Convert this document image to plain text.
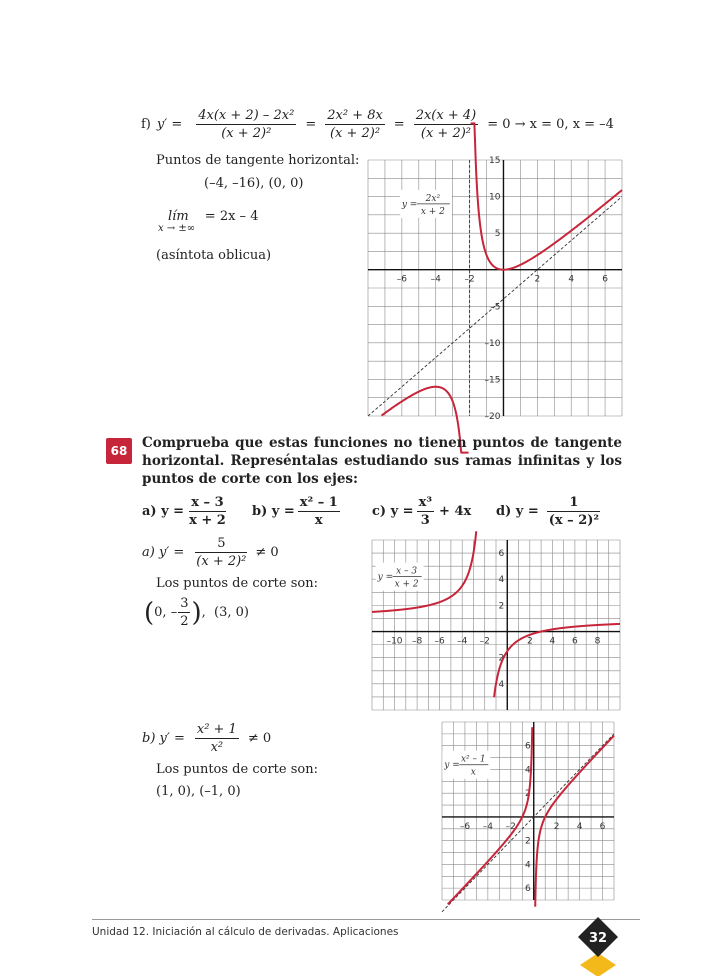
f) $y' = \frac{\text{4x(x + 2) – 2x²}}{\text{(x + 2)²}} = \frac{\text{2x² + 8x}}{\text{(x + 2)²}} = \frac{2x(x + 4)}{\text{(x + 2)²}} = 0 \to x = 0$, x = –4
Puntos de tangente horizontal:
(–4, –16), (0, 0)
lím = 2x – 4
x → ±∞
(asíntota oblicua)
–6	–4	–2	2	4	6
15
10
5
–5
–10
–15
–20
y =
2x²
x + 2
68	Comprueba que estas funciones no tienen puntos de tangente horizontal. Represéntalas estudiando sus ramas infinitas y los puntos de corte con los ejes:
a) $y = \frac{x - 3}{x + 2} b$) $y = \frac{\text{x² – 1}}{x} c$) $y = \frac{\text{x³}}{3} + 4x$ d) $y = \frac{1}{\text{(x – 2)²}}$
a) $y' = \frac{5}{\text{(x + 2)²}} \ne 0$
Los puntos de corte son:
( 0, – $\frac{3}{2}$ ) , (3, 0)
–10 –8 –6 –4 –2	2 4 6 8
6
4
2
2
4
y =
x – 3
x + 2
b) $y' = \frac{\text{x² + 1}}{\text{x²}} \ne 0$
Los puntos de corte son:
(1, 0), (–1, 0)
–6 –4 –2	2 4 6
6
4
2
2
4
6
y =
x² – 1
x
Unidad 12. Iniciación al cálculo de derivadas. Aplicaciones	32
